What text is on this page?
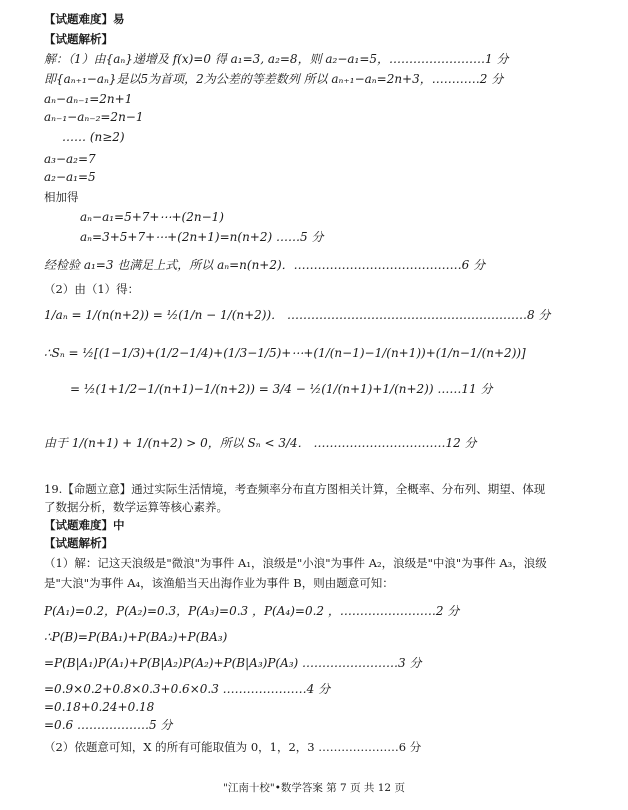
【试题难度】易
【试题解析】
解：（1）由{aₙ}递增及 f(x)=0 得 a₁=3, a₂=8，则 a₂−a₁=5，……………………1 分
即{aₙ₊₁−aₙ}是以5为首项，2为公差的等差数列 所以 aₙ₊₁−aₙ=2n+3，…………2 分
aₙ−aₙ₋₁=2n+1
aₙ₋₁−aₙ₋₂=2n−1
…… (n≥2)
a₃−a₂=7
a₂−a₁=5
相加得
aₙ−a₁=5+7+⋯+(2n−1)
aₙ=3+5+7+⋯+(2n+1)=n(n+2) ……5 分
经检验 a₁=3 也满足上式，所以 aₙ=n(n+2)．……………………………………6 分
（2）由（1）得：
1/aₙ = 1/(n(n+2)) = ½(1/n − 1/(n+2))． ……………………………………………………8 分
∴Sₙ = ½[(1−1/3)+(1/2−1/4)+(1/3−1/5)+⋯+(1/(n−1)−1/(n+1))+(1/n−1/(n+2))]
= ½(1+1/2−1/(n+1)−1/(n+2)) = 3/4 − ½(1/(n+1)+1/(n+2)) ……11 分
由于 1/(n+1) + 1/(n+2) > 0，所以 Sₙ < 3/4． ……………………………12 分
19.【命题立意】通过实际生活情境，考查频率分布直方图相关计算，全概率、分布列、期望、体现
了数据分析，数学运算等核心素养。
【试题难度】中
【试题解析】
（1）解：记这天浪级是"微浪"为事件 A₁，浪级是"小浪"为事件 A₂，浪级是"中浪"为事件 A₃，浪级
是"大浪"为事件 A₄，该渔船当天出海作业为事件 B，则由题意可知：
P(A₁)=0.2，P(A₂)=0.3，P(A₃)=0.3 ，P(A₄)=0.2 ，……………………2 分
∴P(B)=P(BA₁)+P(BA₂)+P(BA₃)
=P(B|A₁)P(A₁)+P(B|A₂)P(A₂)+P(B|A₃)P(A₃) ……………………3 分
=0.9×0.2+0.8×0.3+0.6×0.3 …………………4 分
=0.18+0.24+0.18
=0.6 ………………5 分
（2）依题意可知，X 的所有可能取值为 0，1，2，3 …………………6 分
"江南十校"•数学答案 第 7 页 共 12 页
